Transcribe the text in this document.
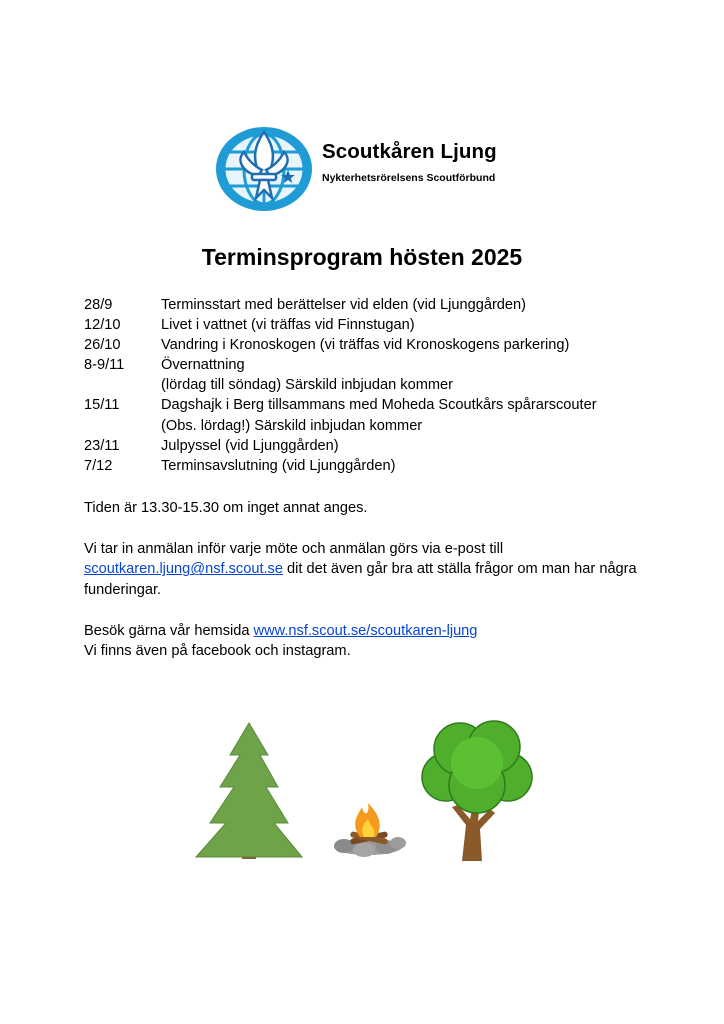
Scoutkåren Ljung
Nykterhetsrörelsens Scoutförbund
Terminsprogram hösten 2025
28/9	Terminsstart med berättelser vid elden (vid Ljunggården)
12/10	Livet i vattnet (vi träffas vid Finnstugan)
26/10	Vandring i Kronoskogen (vi träffas vid Kronoskogens parkering)
8-9/11	Övernattning
(lördag till söndag) Särskild inbjudan kommer
15/11	Dagshajk i Berg tillsammans med Moheda Scoutkårs spårarscouter
(Obs. lördag!) Särskild inbjudan kommer
23/11	Julpyssel (vid Ljunggården)
7/12	Terminsavslutning (vid Ljunggården)

Tiden är 13.30-15.30 om inget annat anges.

Vi tar in anmälan inför varje möte och anmälan görs via e-post till
scoutkaren.ljung@nsf.scout.se dit det även går bra att ställa frågor om man har några funderingar.

Besök gärna vår hemsida www.nsf.scout.se/scoutkaren-ljung
Vi finns även på facebook och instagram.
